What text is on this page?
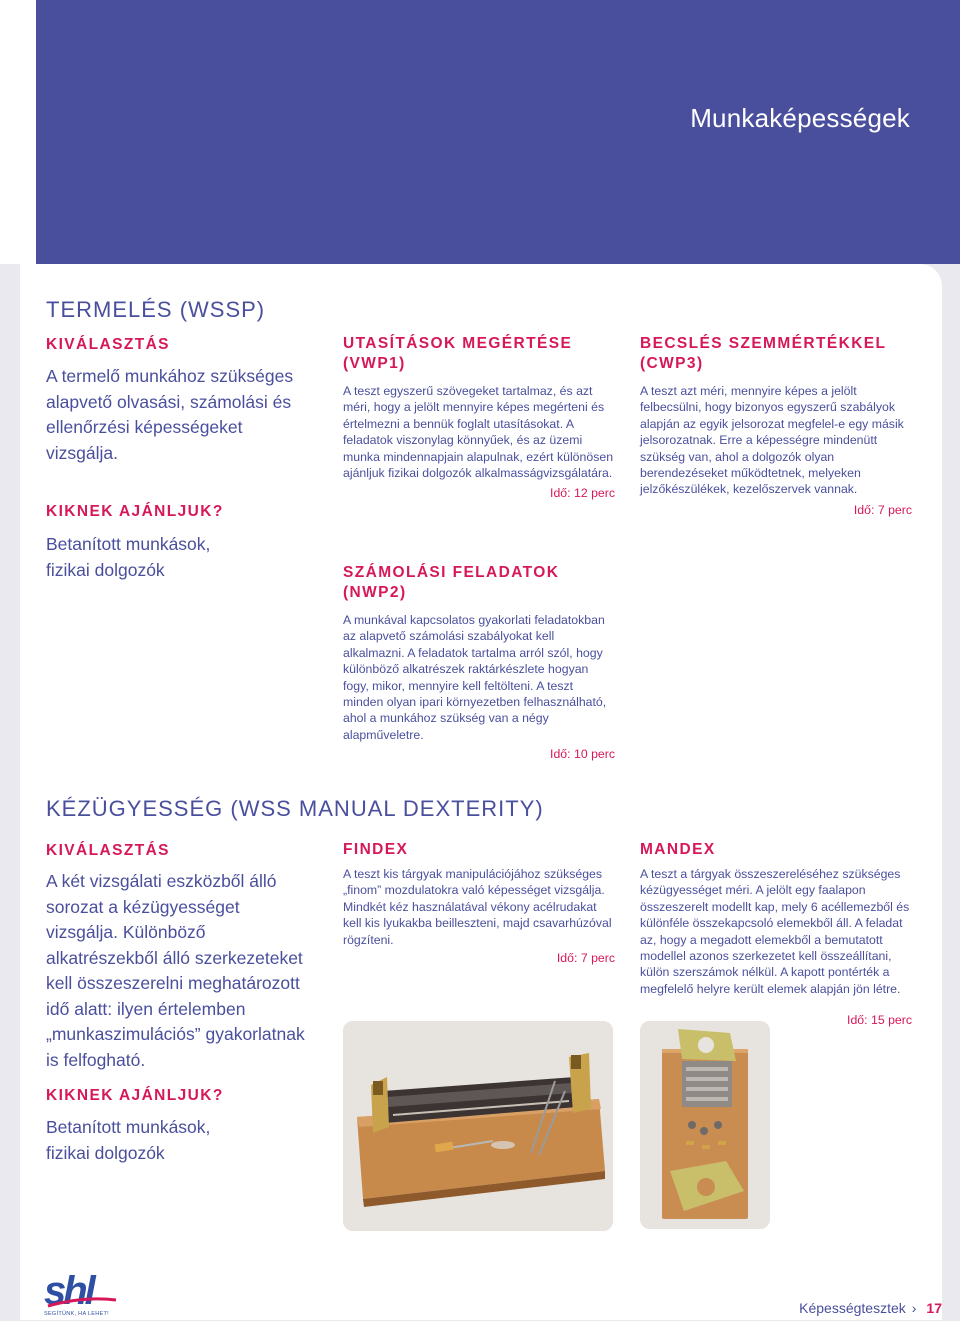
Munkaképességek
TERMELÉS (WSSP)

KIVÁLASZTÁS

A termelő munkához szükséges alapvető olvasási, számolási és ellenőrzési képességeket vizsgálja.

KIKNEK AJÁNLJUK?

Betanított munkások, fizikai dolgozók

UTASÍTÁSOK MEGÉRTÉSE (VWP1)

A teszt egyszerű szövegeket tartalmaz, és azt méri, hogy a jelölt mennyire képes megérteni és értelmezni a bennük foglalt utasításokat. A feladatok viszonylag könnyűek, és az üzemi munka mindennapjain alapulnak, ezért különösen ajánljuk fizikai dolgozók alkalmasságvizsgálatára.

Idő: 12 perc

BECSLÉS SZEMMÉRTÉKKEL (CWP3)

A teszt azt méri, mennyire képes a jelölt felbecsülni, hogy bizonyos egyszerű szabályok alapján az egyik jelsorozat megfelel-e egy másik jelsorozatnak. Erre a képességre mindenütt szükség van, ahol a dolgozók olyan berendezéseket működtetnek, melyeken jelzőkészülékek, kezelőszervek vannak.

Idő: 7 perc

SZÁMOLÁSI FELADATOK (NWP2)

A munkával kapcsolatos gyakorlati feladatokban az alapvető számolási szabályokat kell alkalmazni. A feladatok tartalma arról szól, hogy különböző alkatrészek raktárkészlete hogyan fogy, mikor, mennyire kell feltölteni. A teszt minden olyan ipari környezetben felhasználható, ahol a munkához szükség van a négy alapműveletre.

Idő: 10 perc

KÉZÜGYESSÉG (WSS MANUAL DEXTERITY)

KIVÁLASZTÁS

A két vizsgálati eszközből álló sorozat a kézügyességet vizsgálja. Különböző alkatrészekből álló szerkezeteket kell összeszerelni meghatározott idő alatt: ilyen értelemben „munkaszimulációs” gyakorlatnak is felfogható.

KIKNEK AJÁNLJUK?

Betanított munkások, fizikai dolgozók

FINDEX

A teszt kis tárgyak manipulációjához szükséges „finom” mozdulatokra való képességet vizsgálja. Mindkét kéz használatával vékony acélrudakat kell kis lyukakba beilleszteni, majd csavarhúzóval rögzíteni.

Idő: 7 perc

MANDEX

A teszt a tárgyak összeszereléséhez szükséges kézügyességet méri. A jelölt egy faalapon összeszerelt modellt kap, mely 6 acéllemezből és különféle összekapcsoló elemekből áll. A feladat az, hogy a megadott elemekből a bemutatott modellel azonos szerkezetet kell összeállítani, külön szerszámok nélkül. A kapott pontérték a megfelelő helyre került elemek alapján jön létre.

Idő: 15 perc

shl
SEGÍTÜNK, HA LEHET!	Képességtesztek › 17
